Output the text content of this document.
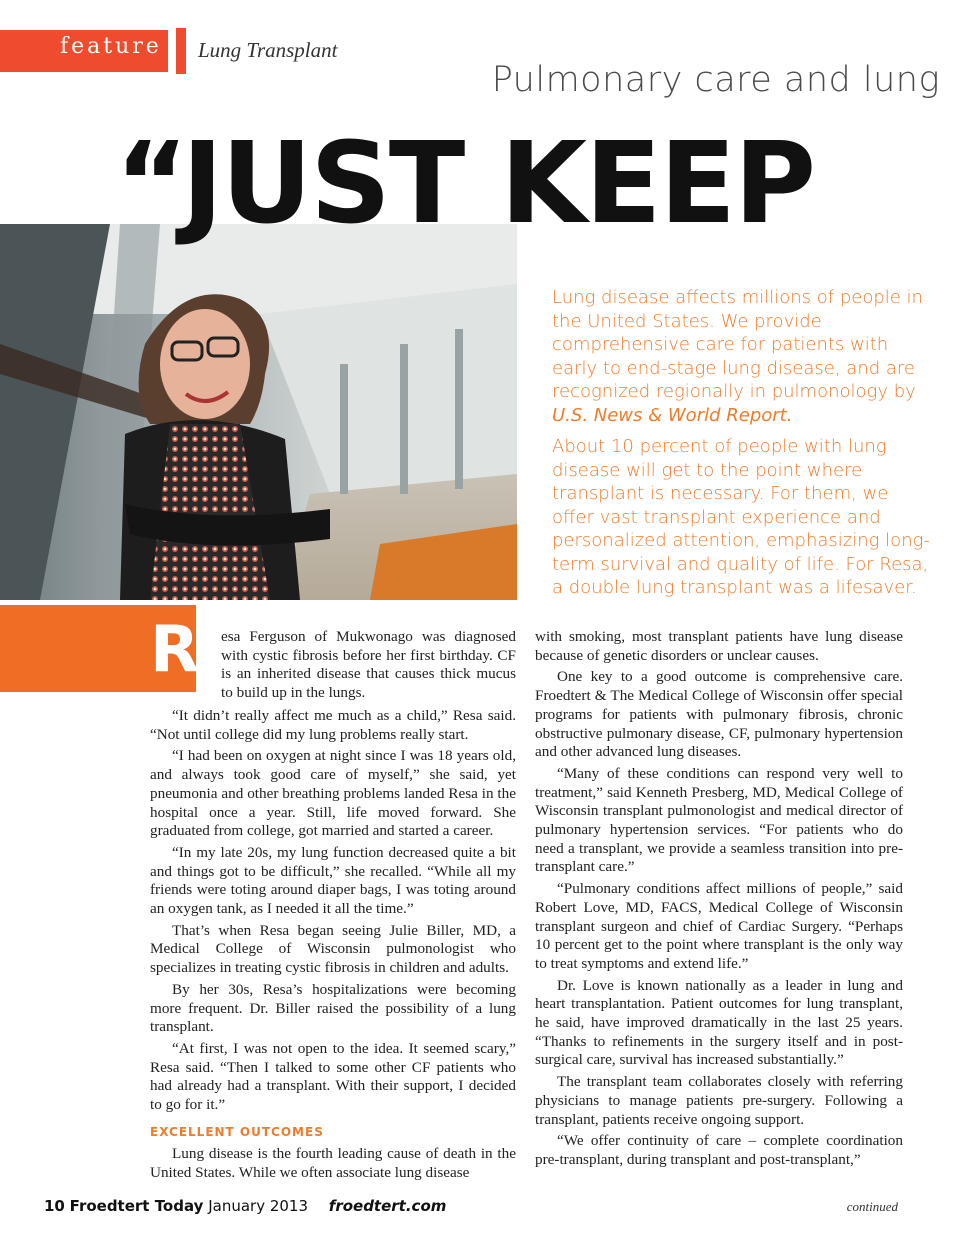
feature Lung Transplant
Pulmonary care and lung
“JUST KEEP

Lung disease affects millions of people in the United States. We provide comprehensive care for patients with early to end-stage lung disease, and are recognized regionally in pulmonology by U.S. News & World Report.

About 10 percent of people with lung disease will get to the point where transplant is necessary. For them, we offer vast transplant experience and personalized attention, emphasizing long-term survival and quality of life. For Resa, a double lung transplant was a lifesaver.

R esa Ferguson of Mukwonago was diagnosed with cystic fibrosis before her first birthday. CF is an inherited disease that causes thick mucus to build up in the lungs.

“It didn’t really affect me much as a child,” Resa said. “Not until college did my lung problems really start.

“I had been on oxygen at night since I was 18 years old, and always took good care of myself,” she said, yet pneumonia and other breathing problems landed Resa in the hospital once a year. Still, life moved forward. She graduated from college, got married and started a career.

“In my late 20s, my lung function decreased quite a bit and things got to be difficult,” she recalled. “While all my friends were toting around diaper bags, I was toting around an oxygen tank, as I needed it all the time.”

That’s when Resa began seeing Julie Biller, MD, a Medical College of Wisconsin pulmonologist who specializes in treating cystic fibrosis in children and adults.

By her 30s, Resa’s hospitalizations were becoming more frequent. Dr. Biller raised the possibility of a lung transplant.

“At first, I was not open to the idea. It seemed scary,” Resa said. “Then I talked to some other CF patients who had already had a transplant. With their support, I decided to go for it.”

EXCELLENT OUTCOMES

Lung disease is the fourth leading cause of death in the United States. While we often associate lung disease

with smoking, most transplant patients have lung disease because of genetic disorders or unclear causes.

One key to a good outcome is comprehensive care. Froedtert & The Medical College of Wisconsin offer special programs for patients with pulmonary fibrosis, chronic obstructive pulmonary disease, CF, pulmonary hypertension and other advanced lung diseases.

“Many of these conditions can respond very well to treatment,” said Kenneth Presberg, MD, Medical College of Wisconsin transplant pulmonologist and medical director of pulmonary hypertension services. “For patients who do need a transplant, we provide a seamless transition into pre-transplant care.”

“Pulmonary conditions affect millions of people,” said Robert Love, MD, FACS, Medical College of Wisconsin transplant surgeon and chief of Cardiac Surgery. “Perhaps 10 percent get to the point where transplant is the only way to treat symptoms and extend life.”

Dr. Love is known nationally as a leader in lung and heart transplantation. Patient outcomes for lung transplant, he said, have improved dramatically in the last 25 years. “Thanks to refinements in the surgery itself and in post-surgical care, survival has increased substantially.”

The transplant team collaborates closely with referring physicians to manage patients pre-surgery. Following a transplant, patients receive ongoing support.

“We offer continuity of care – complete coordination pre-transplant, during transplant and post-transplant,”

10 Froedtert Today January 2013 froedtert.com	continued
